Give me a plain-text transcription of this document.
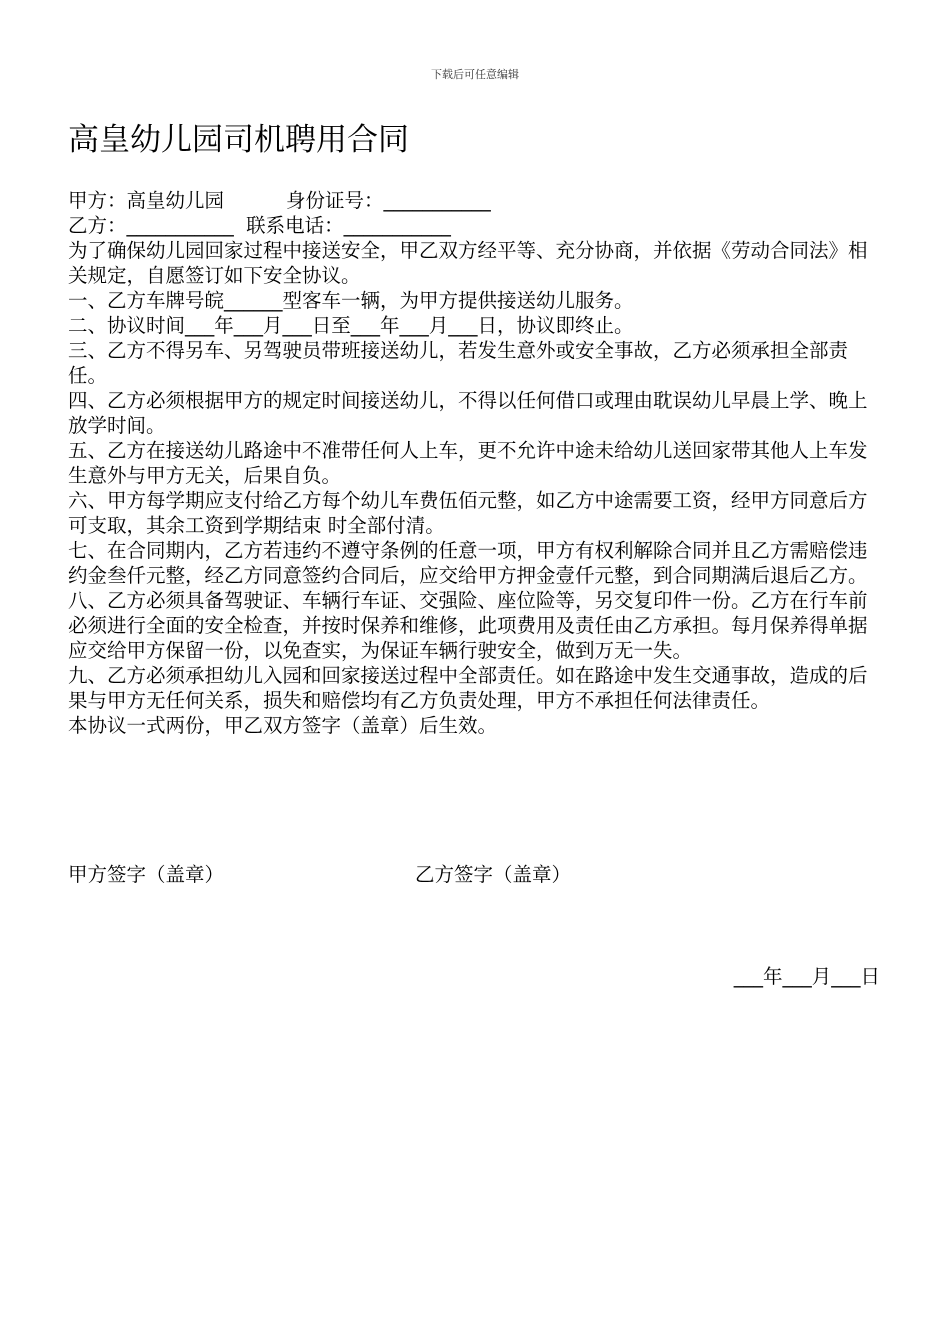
下载后可任意编辑
高皇幼儿园司机聘用合同
甲方：高皇幼儿园          身份证号：___________
乙方：___________  联系电话：___________

为了确保幼儿园回家过程中接送安全，甲乙双方经平等、充分协商，并依据《劳动合同法》相关规定，自愿签订如下安全协议。

一、乙方车牌号皖______型客车一辆，为甲方提供接送幼儿服务。

二、协议时间___年___月___日至___年___月___日，协议即终止。

三、乙方不得另车、另驾驶员带班接送幼儿，若发生意外或安全事故，乙方必须承担全部责任。

四、乙方必须根据甲方的规定时间接送幼儿，不得以任何借口或理由耽误幼儿早晨上学、晚上放学时间。

五、乙方在接送幼儿路途中不准带任何人上车，更不允许中途未给幼儿送回家带其他人上车发生意外与甲方无关，后果自负。

六、甲方每学期应支付给乙方每个幼儿车费伍佰元整，如乙方中途需要工资，经甲方同意后方可支取，其余工资到学期结束 时全部付清。

七、在合同期内，乙方若违约不遵守条例的任意一项，甲方有权利解除合同并且乙方需赔偿违约金叁仟元整，经乙方同意签约合同后，应交给甲方押金壹仟元整，到合同期满后退后乙方。

八、乙方必须具备驾驶证、车辆行车证、交强险、座位险等，另交复印件一份。乙方在行车前必须进行全面的安全检查，并按时保养和维修，此项费用及责任由乙方承担。每月保养得单据应交给甲方保留一份，以免查实，为保证车辆行驶安全，做到万无一失。

九、乙方必须承担幼儿入园和回家接送过程中全部责任。如在路途中发生交通事故，造成的后果与甲方无任何关系，损失和赔偿均有乙方负责处理，甲方不承担任何法律责任。

本协议一式两份，甲乙双方签字（盖章）后生效。

甲方签字（盖章）	乙方签字（盖章）
___年___月___日
